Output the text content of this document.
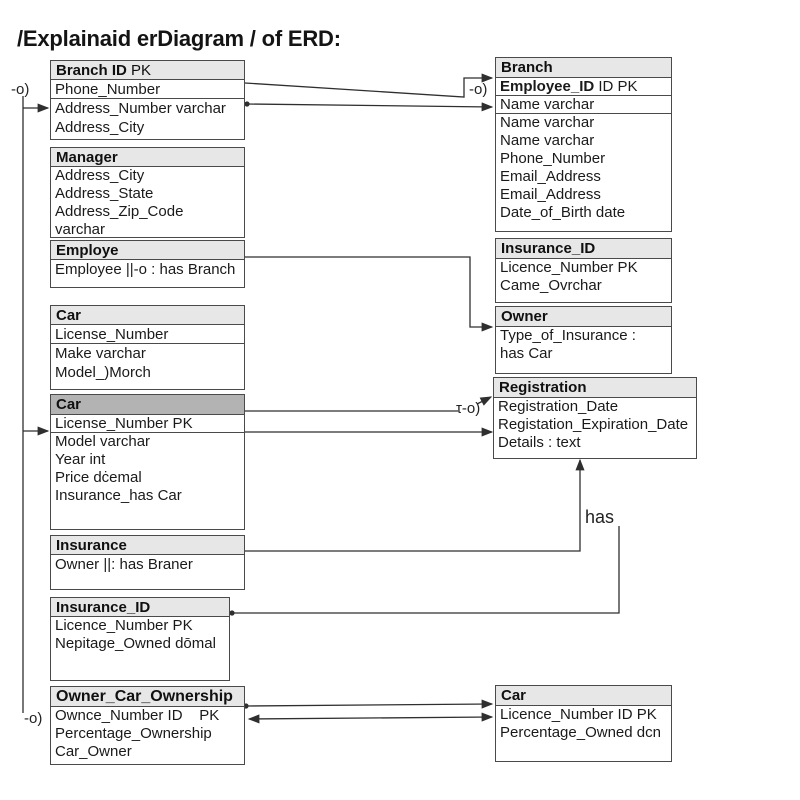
-o)
-o)
-o)
τ-o)
has
/Explainaid erDiagram / of ERD:
Branch ID PK
Phone_Number
Address_Number varchar
Address_City
Manager
Address_City
Address_State
Address_Zip_Code
varchar
Employe
Employee ||-o : has Branch
Car
License_Number
Make varchar
Model_)Morch
Car
License_Number PK
Model varchar
Year int
Price dċemal
Insurance_has Car
Insurance
Owner ||: has Braner
Insurance_ID
Licence_Number PK
Nepitage_Owned dōmal
Owner_Car_Ownership
Ownce_Number ID    PK
Percentage_Ownership
Car_Owner
Branch
Employee_ID ID PK
Name varchar
Name varchar
Name varchar
Phone_Number
Email_Address
Email_Address
Date_of_Birth date
Insurance_ID
Licence_Number PK
Came_Ovrchar
Owner
Type_of_Insurance :
has Car
Registration
Registration_Date
Registation_Expiration_Date
Details : text
Car
Licence_Number ID PK
Percentage_Owned dcn
